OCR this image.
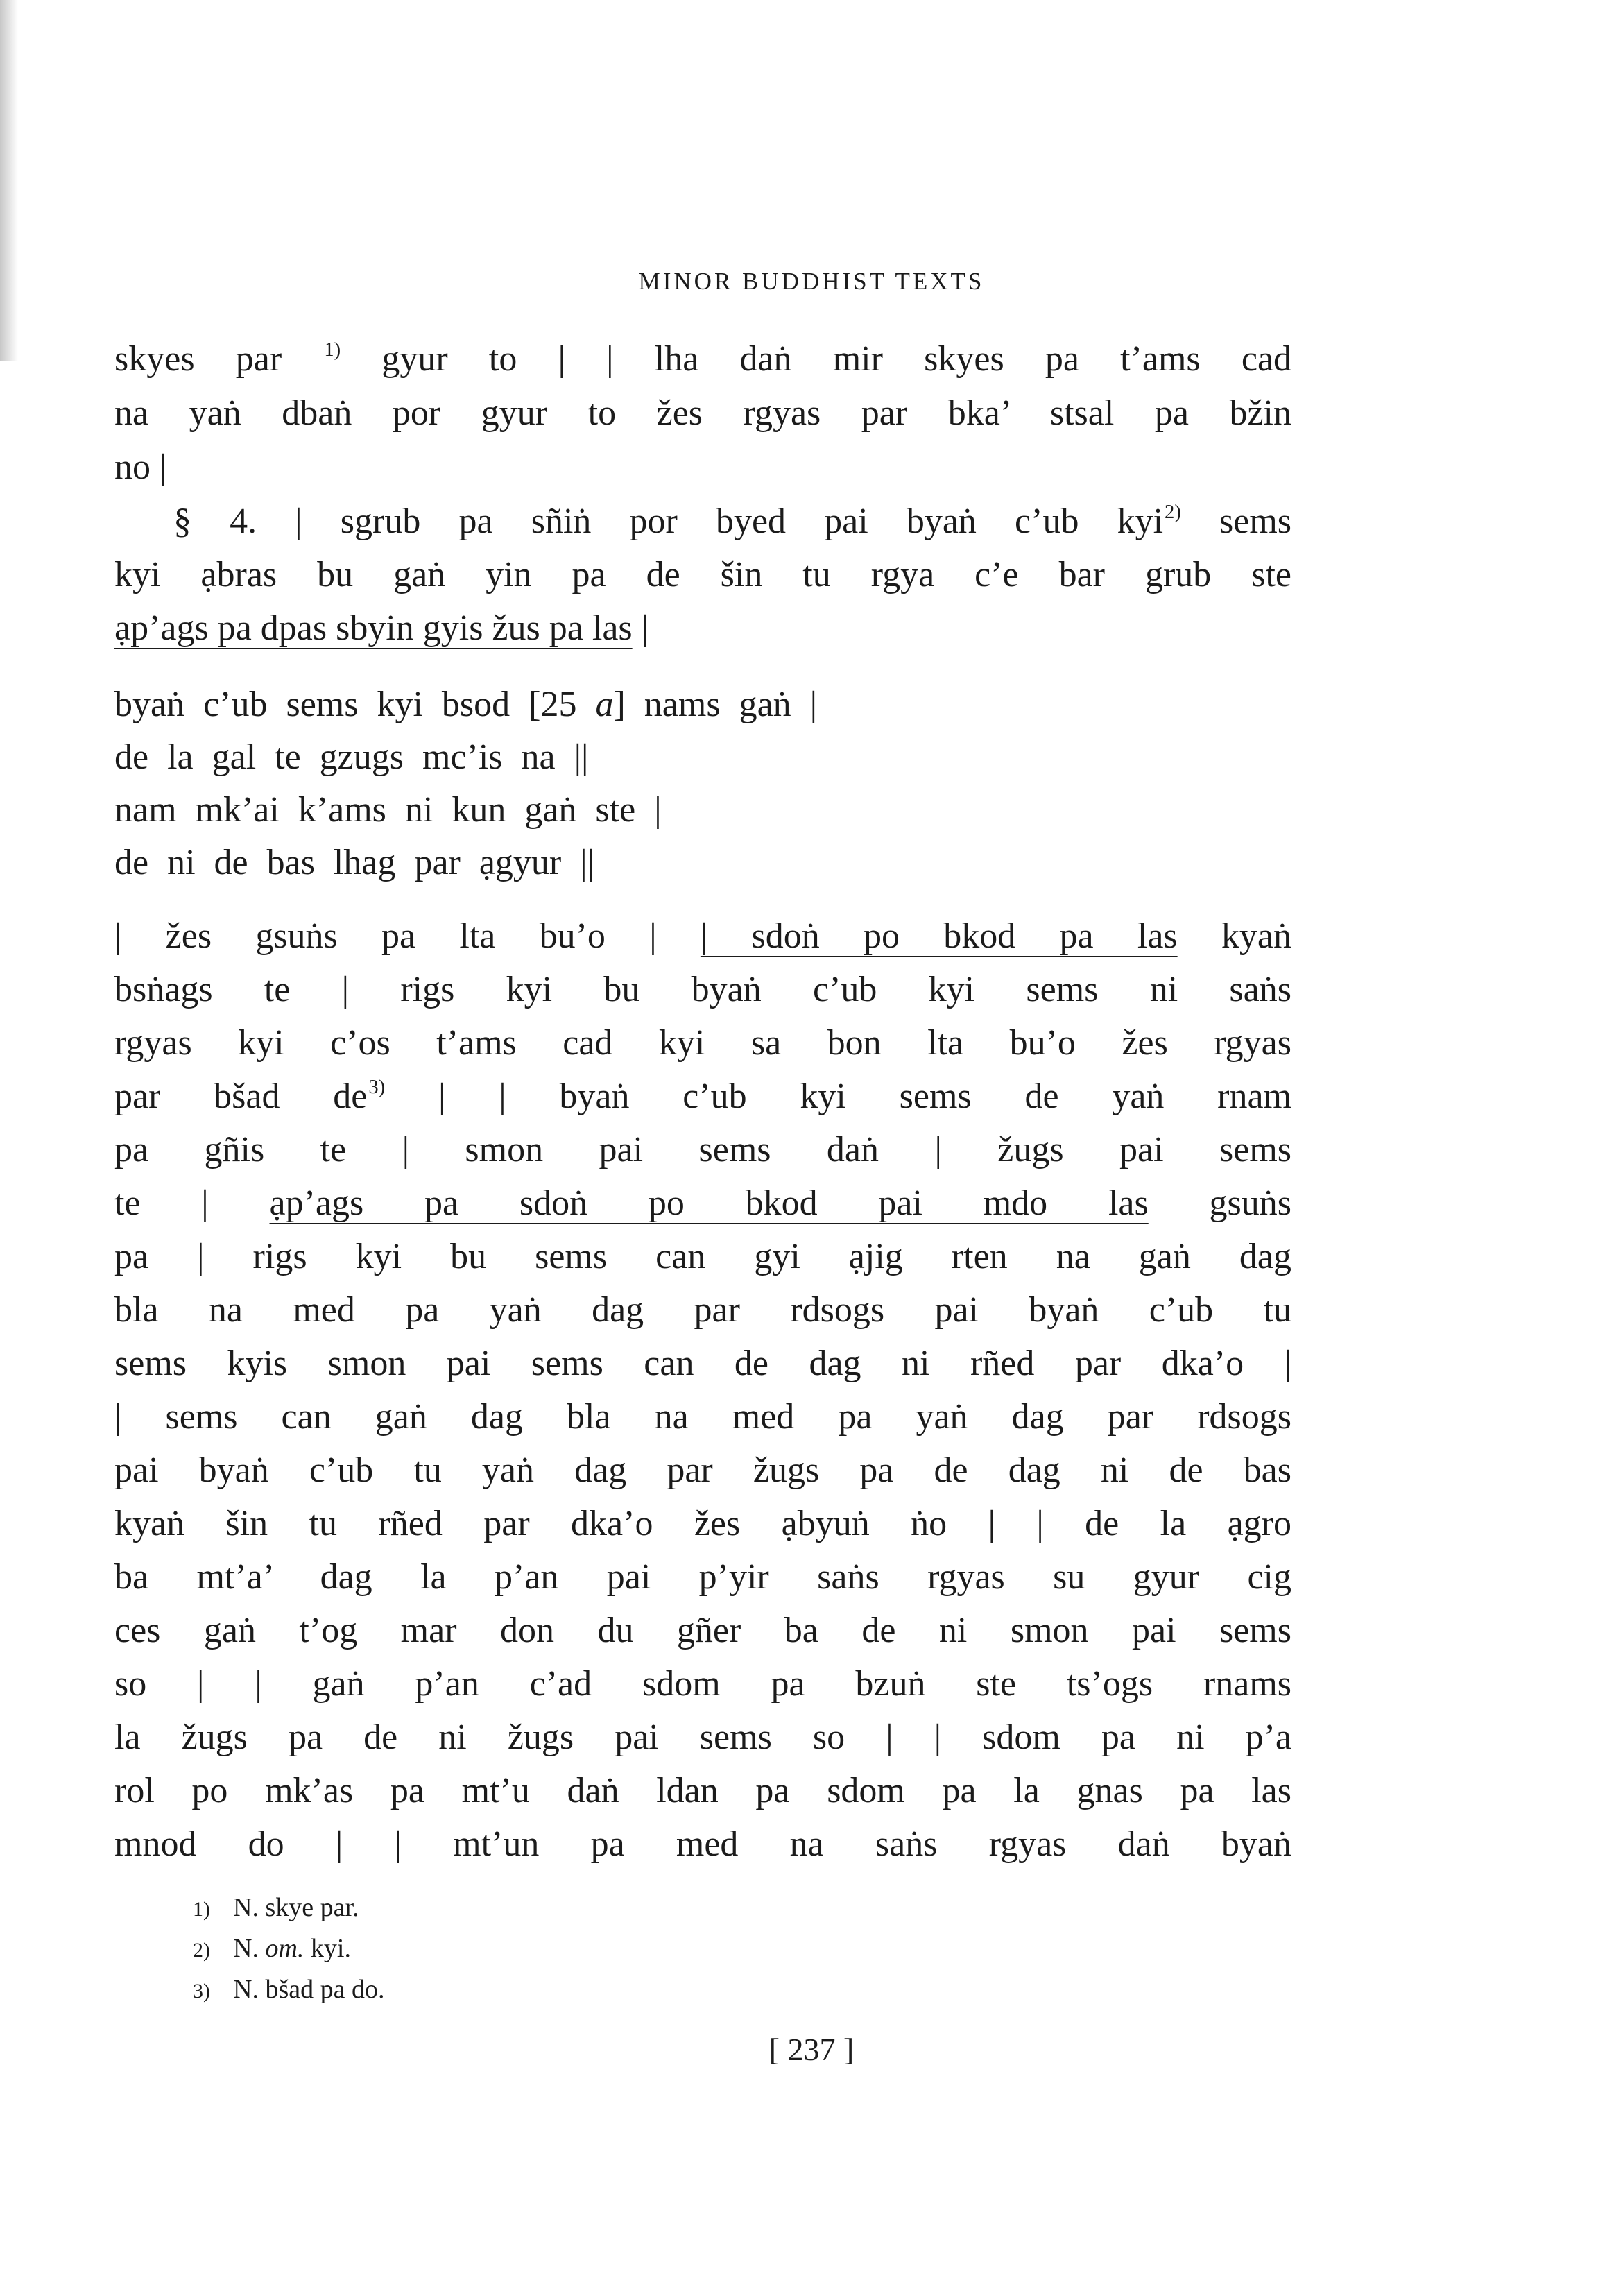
MINOR BUDDHIST TEXTS
skyes par $^{1)}$ gyur to | | lha daṅ mir skyes pa t’ams cad
na yaṅ dbaṅ por gyur to žes rgyas par bka’ stsal pa bžin
no |
§ 4. | sgrub pa sñiṅ por byed pai byaṅ c’ub kyi$^{2)}$ sems
kyi ạbras bu gaṅ yin pa de šin tu rgya c’e bar grub ste
ạp’ags pa dpas sbyin gyis žus pa las |
byaṅ c’ub sems kyi bsod [25 a] nams gaṅ |
de la gal te gzugs mc’is na ||
nam mk’ai k’ams ni kun gaṅ ste |
de ni de bas lhag par ạgyur ||
| žes gsuṅs pa lta bu’o | | sdoṅ po bkod pa las kyaṅ
bsṅags te | rigs kyi bu byaṅ c’ub kyi sems ni saṅs
rgyas kyi c’os t’ams cad kyi sa bon lta bu’o žes rgyas
par bšad de$^{3)}$ | | byaṅ c’ub kyi sems de yaṅ rnam
pa gñis te | smon pai sems daṅ | žugs pai sems
te | ạp’ags pa sdoṅ po bkod pai mdo las gsuṅs
pa | rigs kyi bu sems can gyi ạjig rten na gaṅ dag
bla na med pa yaṅ dag par rdsogs pai byaṅ c’ub tu
sems kyis smon pai sems can de dag ni rñed par dka’o |
| sems can gaṅ dag bla na med pa yaṅ dag par rdsogs
pai byaṅ c’ub tu yaṅ dag par žugs pa de dag ni de bas
kyaṅ šin tu rñed par dka’o žes ạbyuṅ ṅo | | de la ạgro
ba mt’a’ dag la p’an pai p’yir saṅs rgyas su gyur cig
ces gaṅ t’og mar don du gñer ba de ni smon pai sems
so | | gaṅ p’an c’ad sdom pa bzuṅ ste ts’ogs rnams
la žugs pa de ni žugs pai sems so | | sdom pa ni p’a
rol po mk’as pa mt’u daṅ ldan pa sdom pa la gnas pa las
mnod do | | mt’un pa med na saṅs rgyas daṅ byaṅ
1) N. skye par.
2) N. om. kyi.
3) N. bšad pa do.
[ 237 ]
